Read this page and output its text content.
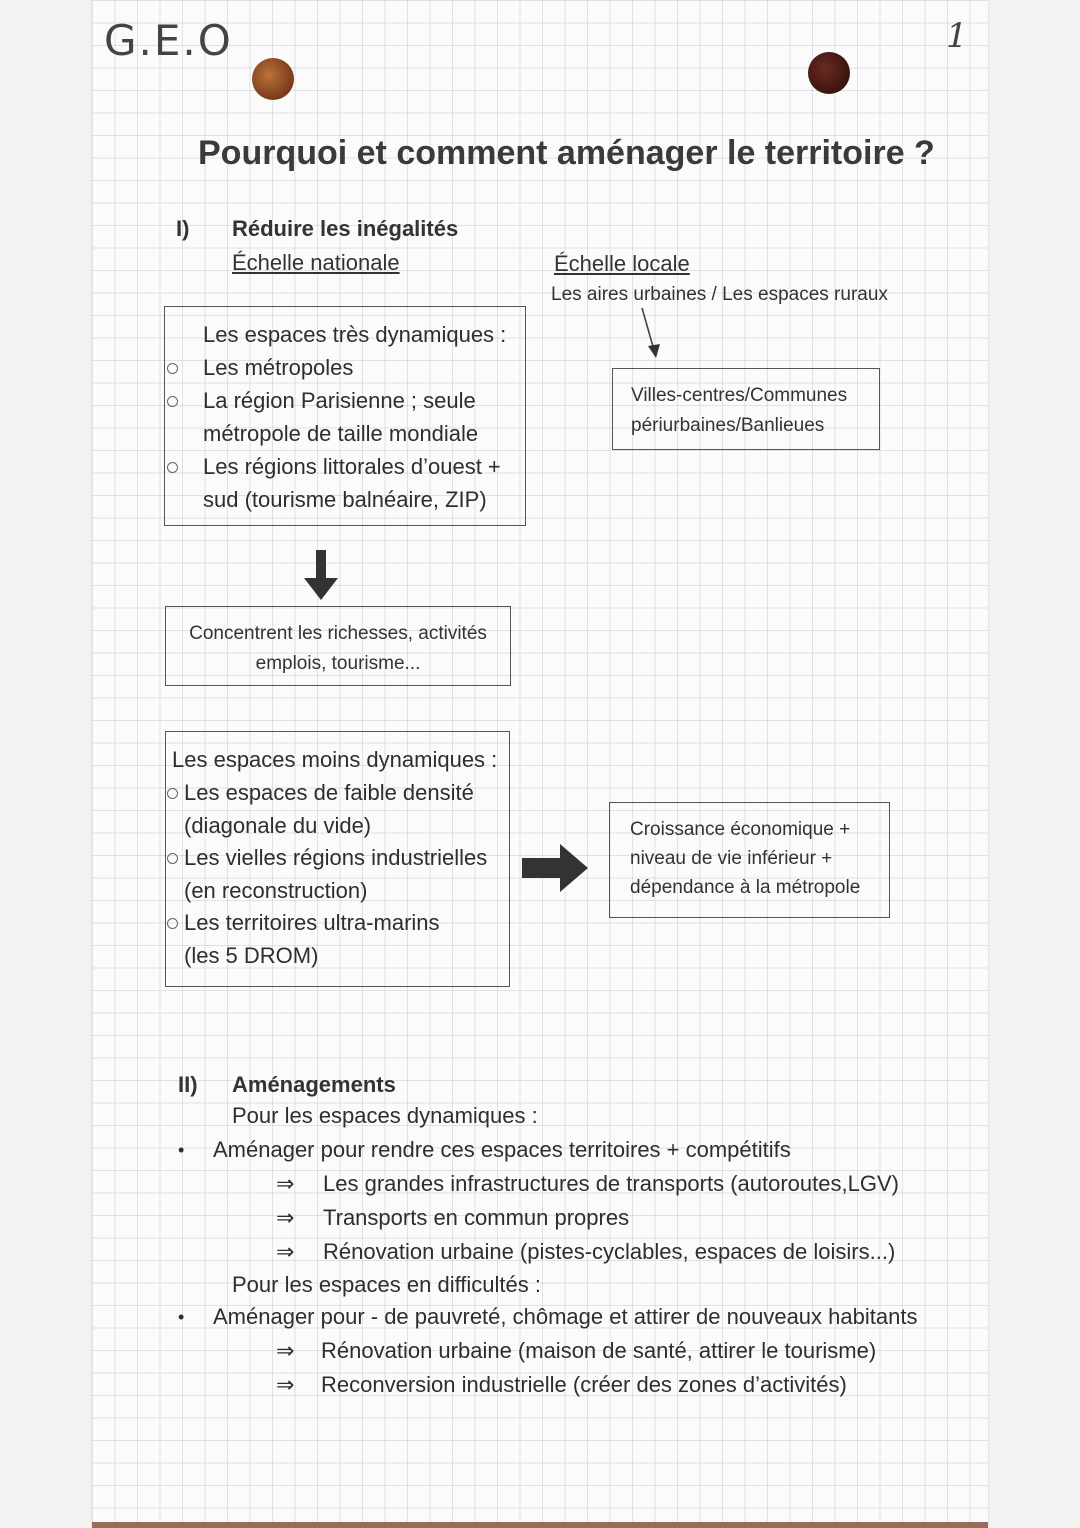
G.E.O	1
Pourquoi et comment aménager le territoire ?
I) Réduire les inégalités
Échelle nationale	Échelle locale
Les aires urbaines / Les espaces ruraux
Villes-centres/Communes
périurbaines/Banlieues
Les espaces très dynamiques :
Les métropoles
La région Parisienne ; seule
métropole de taille mondiale
Les régions littorales d’ouest +
sud (tourisme balnéaire, ZIP)
Concentrent les richesses, activités
emplois, tourisme...
Les espaces moins dynamiques :
Les espaces de faible densité
(diagonale du vide)
Les vielles régions industrielles
(en reconstruction)
Les territoires ultra-marins
(les 5 DROM)
Croissance économique +
niveau de vie inférieur +
dépendance à la métropole
II) Aménagements
Pour les espaces dynamiques :
• Aménager pour rendre ces espaces territoires + compétitifs
⇒ Les grandes infrastructures de transports (autoroutes,LGV)
⇒ Transports en commun propres
⇒ Rénovation urbaine (pistes-cyclables, espaces de loisirs...)
Pour les espaces en difficultés :
• Aménager pour - de pauvreté, chômage et attirer de nouveaux habitants
⇒ Rénovation urbaine (maison de santé, attirer le tourisme)
⇒ Reconversion industrielle (créer des zones d’activités)
